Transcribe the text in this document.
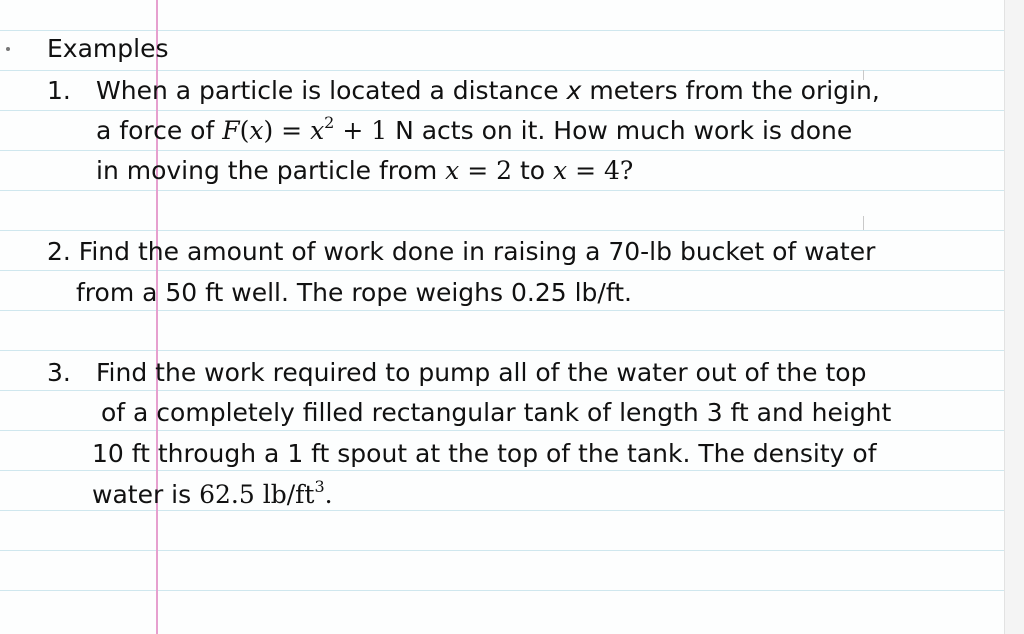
Examples
1. When a particle is located a distance x meters from the origin,
a force of $F(x) = x^2 + 1$ N acts on it. How much work is done
in moving the particle from x = 2 to x = 4?
2. Find the amount of work done in raising a 70-lb bucket of water
from a 50 ft well. The rope weighs 0.25 lb/ft.
3. Find the work required to pump all of the water out of the top
of a completely filled rectangular tank of length 3 ft and height
10 ft through a 1 ft spout at the top of the tank. The density of
water is 62.5 $lb/ft^3$.
